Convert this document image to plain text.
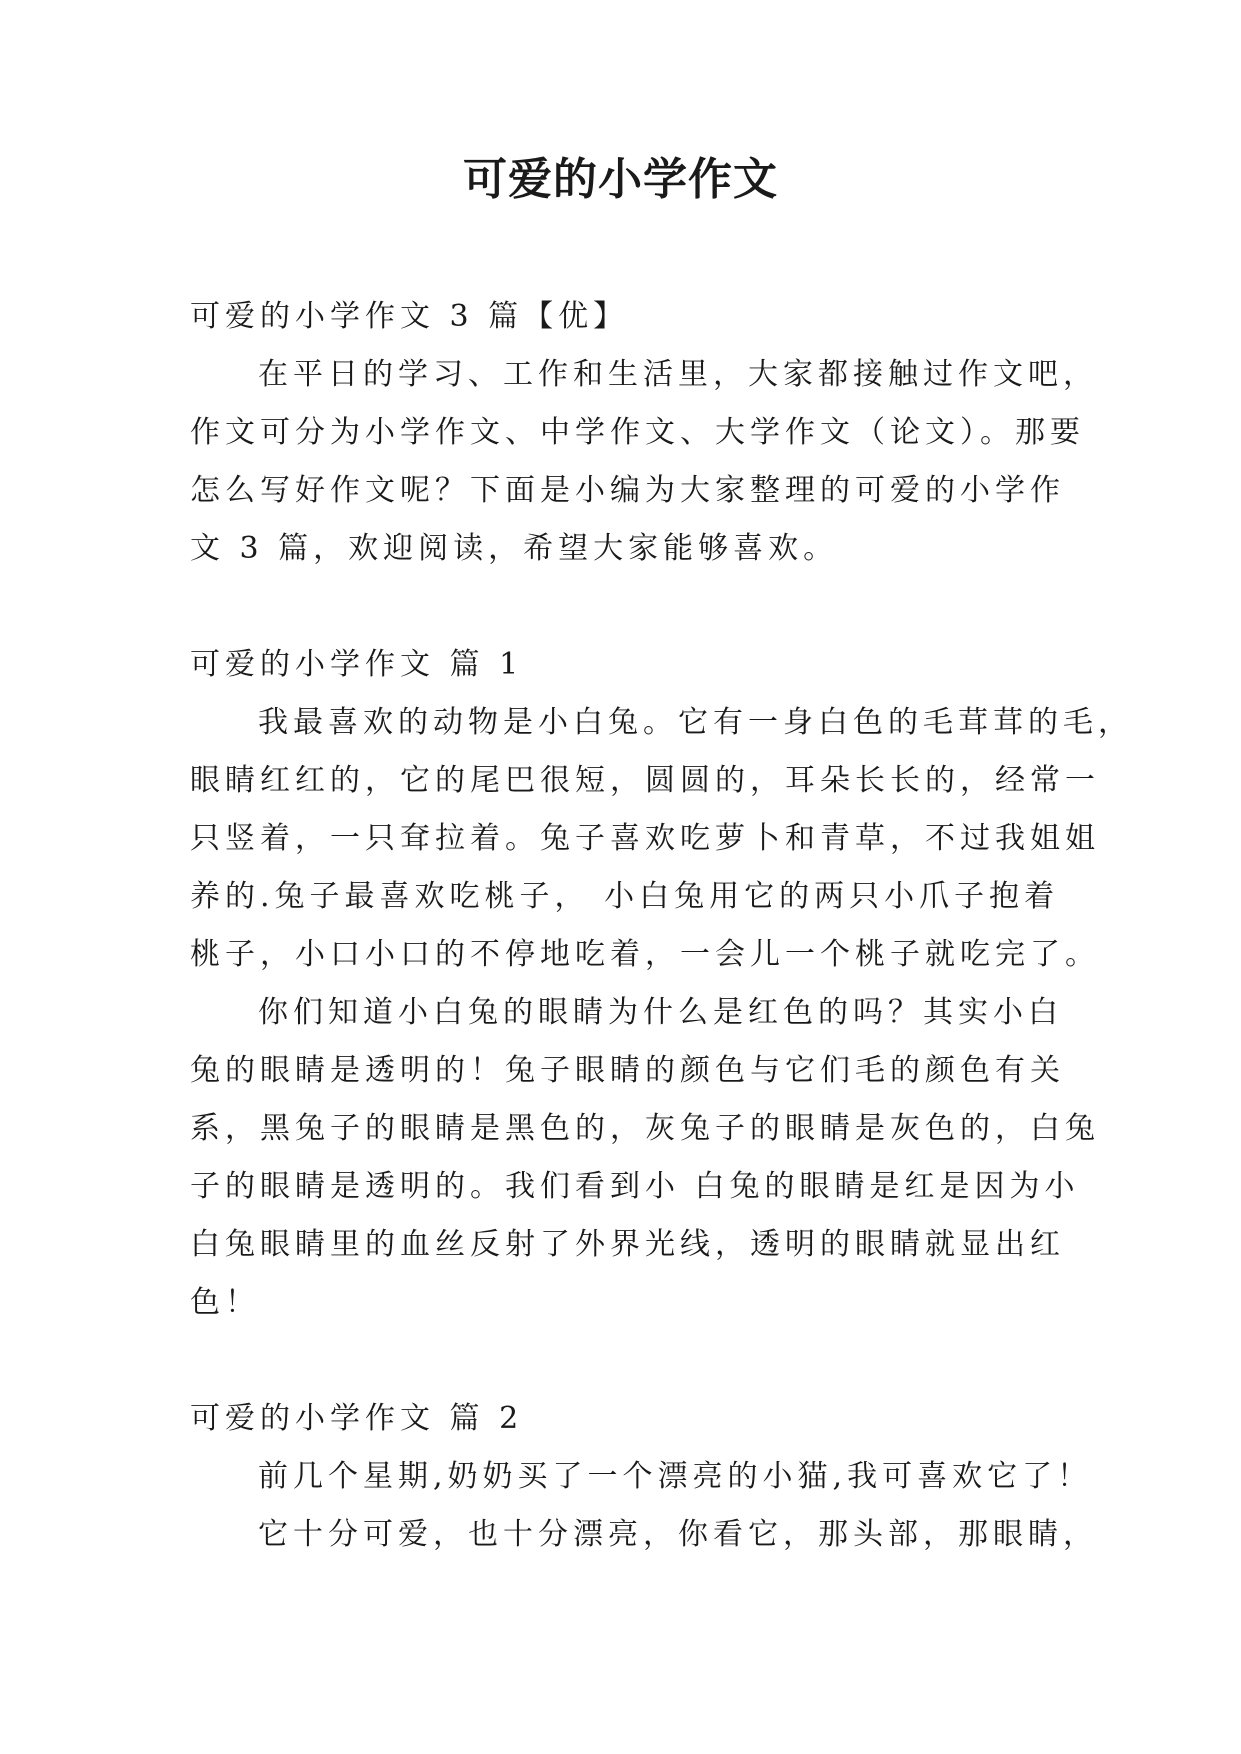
可爱的小学作文
可爱的小学作文 3 篇【优】
在平日的学习、工作和生活里，大家都接触过作文吧，
作文可分为小学作文、中学作文、大学作文（论文）。那要
怎么写好作文呢？下面是小编为大家整理的可爱的小学作
文 3 篇，欢迎阅读，希望大家能够喜欢。
可爱的小学作文 篇 1
我最喜欢的动物是小白兔。它有一身白色的毛茸茸的毛，
眼睛红红的，它的尾巴很短，圆圆的，耳朵长长的，经常一
只竖着，一只耷拉着。兔子喜欢吃萝卜和青草，不过我姐姐
养的.兔子最喜欢吃桃子， 小白兔用它的两只小爪子抱着
桃子，小口小口的不停地吃着，一会儿一个桃子就吃完了。
你们知道小白兔的眼睛为什么是红色的吗？其实小白
兔的眼睛是透明的！兔子眼睛的颜色与它们毛的颜色有关
系，黑兔子的眼睛是黑色的，灰兔子的眼睛是灰色的，白兔
子的眼睛是透明的。我们看到小 白兔的眼睛是红是因为小
白兔眼睛里的血丝反射了外界光线，透明的眼睛就显出红
色！
可爱的小学作文 篇 2
前几个星期,奶奶买了一个漂亮的小猫,我可喜欢它了！
它十分可爱，也十分漂亮，你看它，那头部，那眼睛，
